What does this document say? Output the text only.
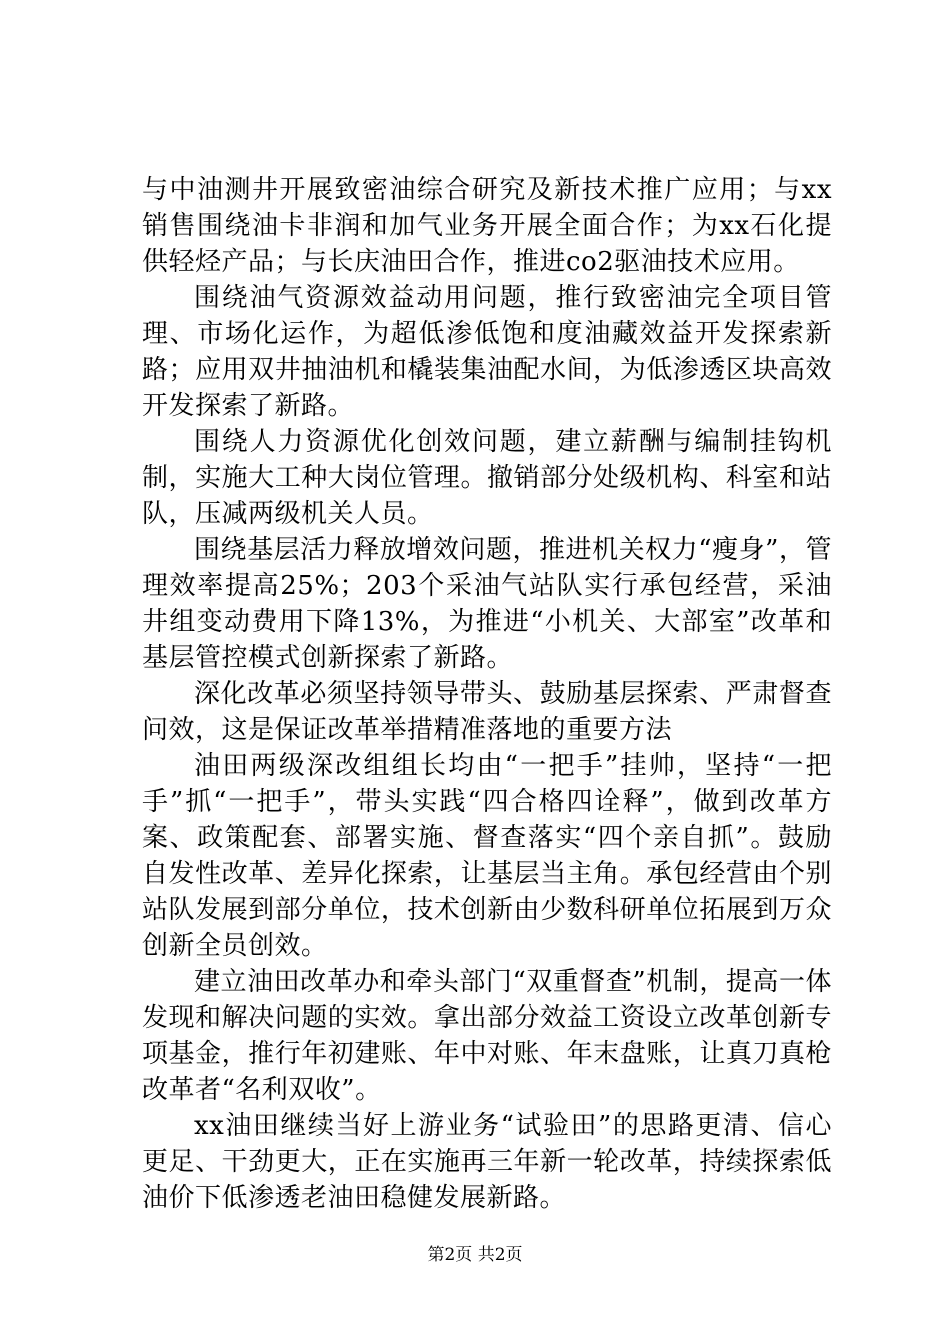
与中油测井开展致密油综合研究及新技术推广应用；与xx销售围绕油卡非润和加气业务开展全面合作；为xx石化提供轻烃产品；与长庆油田合作，推进co2驱油技术应用。

围绕油气资源效益动用问题，推行致密油完全项目管理、市场化运作，为超低渗低饱和度油藏效益开发探索新路；应用双井抽油机和橇装集油配水间，为低渗透区块高效开发探索了新路。

围绕人力资源优化创效问题，建立薪酬与编制挂钩机制，实施大工种大岗位管理。撤销部分处级机构、科室和站队，压减两级机关人员。

围绕基层活力释放增效问题，推进机关权力“瘦身”，管理效率提高25%；203个采油气站队实行承包经营，采油井组变动费用下降13%，为推进“小机关、大部室”改革和基层管控模式创新探索了新路。

深化改革必须坚持领导带头、鼓励基层探索、严肃督查问效，这是保证改革举措精准落地的重要方法

油田两级深改组组长均由“一把手”挂帅，坚持“一把手”抓“一把手”，带头实践“四合格四诠释”，做到改革方案、政策配套、部署实施、督查落实“四个亲自抓”。鼓励自发性改革、差异化探索，让基层当主角。承包经营由个别站队发展到部分单位，技术创新由少数科研单位拓展到万众创新全员创效。

建立油田改革办和牵头部门“双重督查”机制，提高一体发现和解决问题的实效。拿出部分效益工资设立改革创新专项基金，推行年初建账、年中对账、年末盘账，让真刀真枪改革者“名利双收”。

xx油田继续当好上游业务“试验田”的思路更清、信心更足、干劲更大，正在实施再三年新一轮改革，持续探索低油价下低渗透老油田稳健发展新路。

第2页 共2页
